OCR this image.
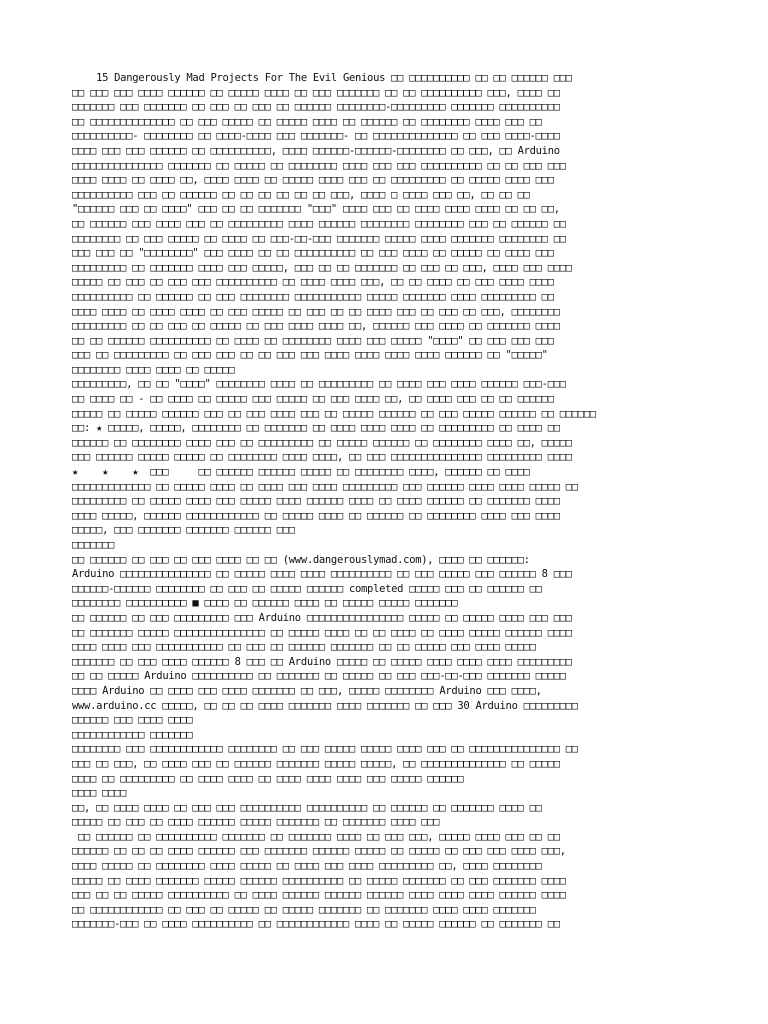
15 Dangerously Mad Projects For The Evil Genious □□ □□□□□□□□□□ □□ □□ □□□□□□ □□□
□□ □□□ □□□ □□□□ □□□□□□ □□ □□□□□ □□□□ □□ □□□ □□□□□□□ □□ □□ □□□□□□□□□□ □□□, □□□□ □□
□□□□□□□ □□□ □□□□□□□ □□ □□□ □□ □□□ □□ □□□□□□ □□□□□□□□-□□□□□□□□□ □□□□□□□ □□□□□□□□□□
□□ □□□□□□□□□□□□□□ □□ □□□ □□□□□ □□ □□□□□ □□□□ □□ □□□□□□ □□ □□□□□□□□ □□□□ □□□ □□
□□□□□□□□□□- □□□□□□□□ □□ □□□□-□□□□ □□□ □□□□□□□- □□ □□□□□□□□□□□□□□ □□ □□□ □□□□-□□□□
□□□□ □□□ □□□ □□□□□□ □□ □□□□□□□□□□, □□□□ □□□□□□-□□□□□□-□□□□□□□□ □□ □□□, □□ Arduino
□□□□□□□□□□□□□□□ □□□□□□□ □□ □□□□□ □□ □□□□□□□□ □□□□ □□□ □□□ □□□□□□□□□□ □□ □□ □□□ □□□
□□□□ □□□□ □□ □□□□ □□, □□□□ □□□□ □□ □□□□□ □□□□ □□□ □□ □□□□□□□□□ □□ □□□□□ □□□□ □□□
□□□□□□□□□□ □□□ □□ □□□□□□ □□ □□ □□ □□ □□ □□ □□□, □□□□ □ □□□□ □□□ □□, □□ □□ □□
"□□□□□□ □□□ □□ □□□□" □□□ □□ □□ □□□□□□□ "□□□" □□□□ □□□ □□ □□□□ □□□□ □□□□ □□ □□ □□,
□□ □□□□□□ □□□ □□□□ □□□ □□ □□□□□□□□□ □□□□ □□□□□□ □□□□□□□□ □□□□□□□□ □□□ □□ □□□□□□ □□
□□□□□□□□ □□ □□□ □□□□□ □□ □□□□ □□ □□□-□□-□□□ □□□□□□□ □□□□□ □□□□ □□□□□□□ □□□□□□□□ □□
□□□ □□□ □□ "□□□□□□□□" □□□ □□□□ □□ □□ □□□□□□□□□□ □□ □□□ □□□□ □□ □□□□□ □□ □□□□ □□□
□□□□□□□□□ □□ □□□□□□□ □□□□ □□□ □□□□□, □□□ □□ □□ □□□□□□□ □□ □□□ □□ □□□, □□□□ □□□ □□□□
□□□□□ □□ □□□ □□ □□□ □□□ □□□□□□□□□□ □□ □□□□ □□□□ □□□, □□ □□ □□□□ □□ □□□ □□□□ □□□□
□□□□□□□□□□ □□ □□□□□□ □□ □□□ □□□□□□□□ □□□□□□□□□□□ □□□□□ □□□□□□□ □□□□ □□□□□□□□□ □□
□□□□ □□□□ □□ □□□□ □□□□ □□ □□□ □□□□□ □□ □□□ □□ □□ □□□□ □□□ □□ □□□ □□ □□□, □□□□□□□□
□□□□□□□□□ □□ □□ □□□ □□ □□□□□ □□ □□□ □□□□ □□□□ □□, □□□□□□ □□□ □□□□ □□ □□□□□□□ □□□□
□□ □□ □□□□□□ □□□□□□□□□□ □□ □□□□ □□ □□□□□□□□ □□□□ □□□ □□□□□ "□□□□" □□ □□□ □□□ □□□
□□□ □□ □□□□□□□□□ □□ □□□ □□□ □□ □□ □□□ □□□ □□□□ □□□□ □□□□ □□□□ □□□□□□ □□ "□□□□□"
□□□□□□□□ □□□□ □□□□ □□ □□□□□
□□□□□□□□□, □□ □□ "□□□□" □□□□□□□□ □□□□ □□ □□□□□□□□□ □□ □□□□ □□□ □□□□ □□□□□□ □□□-□□□
□□ □□□□ □□ - □□ □□□□ □□ □□□□□ □□□ □□□□□ □□ □□□ □□□□ □□, □□ □□□□ □□□ □□ □□ □□□□□□
□□□□□ □□ □□□□□ □□□□□□ □□□ □□ □□□ □□□□ □□□ □□ □□□□□ □□□□□□ □□ □□□ □□□□□ □□□□□□ □□ □□□□□□
□□: ★ □□□□□, □□□□□, □□□□□□□□ □□ □□□□□□□ □□ □□□□ □□□□ □□□□ □□ □□□□□□□□□ □□ □□□□ □□
□□□□□□ □□ □□□□□□□□ □□□□ □□□ □□ □□□□□□□□□ □□ □□□□□ □□□□□□ □□ □□□□□□□□ □□□□ □□, □□□□□
□□□ □□□□□□ □□□□□ □□□□□ □□ □□□□□□□□ □□□□ □□□□, □□ □□□ □□□□□□□□□□□□□□□ □□□□□□□□□ □□□□
★    ★    ★  □□□     □□ □□□□□□ □□□□□□ □□□□□ □□ □□□□□□□□ □□□□, □□□□□□ □□ □□□□
□□□□□□□□□□□□□ □□ □□□□□ □□□□ □□ □□□□ □□□ □□□□ □□□□□□□□□ □□□ □□□□□□ □□□□ □□□□ □□□□□ □□
□□□□□□□□□ □□ □□□□□ □□□□ □□□ □□□□□ □□□□ □□□□□□ □□□□ □□ □□□□ □□□□□□ □□ □□□□□□□ □□□□
□□□□ □□□□□, □□□□□□ □□□□□□□□□□□□ □□ □□□□□ □□□□ □□ □□□□□□ □□ □□□□□□□□ □□□□ □□□ □□□□
□□□□□, □□□ □□□□□□□ □□□□□□□ □□□□□□ □□□
□□□□□□□
□□ □□□□□□ □□ □□□ □□ □□□ □□□□ □□ □□ (www.dangerouslymad.com), □□□□ □□ □□□□□□:
Arduino □□□□□□□□□□□□□□□ □□ □□□□□ □□□□ □□□□ □□□□□□□□□□ □□ □□□ □□□□□ □□□ □□□□□□ 8 □□□
□□□□□□-□□□□□□ □□□□□□□□ □□ □□□ □□ □□□□□ □□□□□□ completed □□□□□ □□□ □□ □□□□□□ □□
□□□□□□□□ □□□□□□□□□□ ■ □□□□ □□ □□□□□□ □□□□ □□ □□□□□ □□□□□ □□□□□□□
□□ □□□□□□ □□ □□□ □□□□□□□□□ □□□ Arduino □□□□□□□□□□□□□□□□ □□□□□ □□ □□□□□ □□□□ □□□ □□□
□□ □□□□□□□ □□□□□ □□□□□□□□□□□□□□□ □□ □□□□□ □□□□ □□ □□ □□□□ □□ □□□□ □□□□□ □□□□□□ □□□□
□□□□ □□□□ □□□ □□□□□□□□□□□ □□ □□□ □□ □□□□□□ □□□□□□□ □□ □□ □□□□□ □□□ □□□□ □□□□□
□□□□□□□ □□ □□□ □□□□ □□□□□□ 8 □□□ □□ Arduino □□□□□ □□ □□□□□ □□□□ □□□□ □□□□ □□□□□□□□□
□□ □□ □□□□□ Arduino □□□□□□□□□□ □□ □□□□□□□ □□ □□□□□ □□ □□□ □□□-□□-□□□ □□□□□□□ □□□□□
□□□□ Arduino □□ □□□□ □□□ □□□□ □□□□□□□ □□ □□□, □□□□□ □□□□□□□□ Arduino □□□ □□□□,
www.arduino.cc □□□□□, □□ □□ □□ □□□□ □□□□□□□ □□□□ □□□□□□□ □□ □□□ 30 Arduino □□□□□□□□□
□□□□□□ □□□ □□□□ □□□□
□□□□□□□□□□□□ □□□□□□□
□□□□□□□□ □□□ □□□□□□□□□□□□ □□□□□□□□ □□ □□□ □□□□□ □□□□□ □□□□ □□□ □□ □□□□□□□□□□□□□□□ □□
□□□ □□ □□□, □□ □□□□ □□□ □□ □□□□□□ □□□□□□□ □□□□□ □□□□□, □□ □□□□□□□□□□□□□□ □□ □□□□□
□□□□ □□ □□□□□□□□□ □□ □□□□ □□□□ □□ □□□□ □□□□ □□□□ □□□ □□□□□ □□□□□□
□□□□ □□□□
□□, □□ □□□□ □□□□ □□ □□□ □□□ □□□□□□□□□□ □□□□□□□□□□ □□ □□□□□□ □□ □□□□□□□ □□□□ □□
□□□□□ □□ □□□ □□ □□□□ □□□□□□ □□□□□ □□□□□□□ □□ □□□□□□□ □□□□ □□□
□□ □□□□□□ □□ □□□□□□□□□□ □□□□□□□ □□ □□□□□□□ □□□□ □□ □□□ □□□, □□□□□ □□□□ □□□ □□ □□
□□□□□□ □□ □□ □□ □□□□ □□□□□□ □□□ □□□□□□□ □□□□□□ □□□□□ □□ □□□□□ □□ □□□ □□□ □□□□ □□□,
□□□□ □□□□□ □□ □□□□□□□□ □□□□ □□□□□ □□ □□□□ □□□ □□□□ □□□□□□□□□ □□, □□□□ □□□□□□□□
□□□□□ □□ □□□□ □□□□□□□ □□□□□ □□□□□□ □□□□□□□□□□ □□ □□□□□ □□□□□□□ □□ □□□ □□□□□□□ □□□□
□□□ □□ □□ □□□□□ □□□□□□□□□□ □□ □□□□ □□□□□□ □□□□□□ □□□□□□ □□□□ □□□□ □□□□ □□□□□□ □□□□
□□ □□□□□□□□□□□□ □□ □□□ □□ □□□□□ □□ □□□□□ □□□□□□□ □□ □□□□□□□ □□□□ □□□□ □□□□□□□
□□□□□□□-□□□ □□ □□□□ □□□□□□□□□□ □□ □□□□□□□□□□□□ □□□□ □□ □□□□□ □□□□□□ □□ □□□□□□□ □□
